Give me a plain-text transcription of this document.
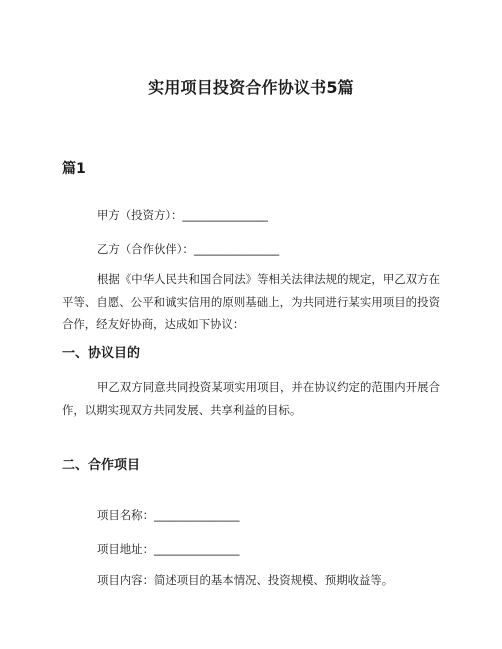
实用项目投资合作协议书5篇
篇1
甲方（投资方）：_______________
乙方（合作伙伴）：_______________
根据《中华人民共和国合同法》等相关法律法规的规定，甲乙双方在平等、自愿、公平和诚实信用的原则基础上，为共同进行某实用项目的投资合作，经友好协商，达成如下协议：
一、协议目的
甲乙双方同意共同投资某项实用项目，并在协议约定的范围内开展合作，以期实现双方共同发展、共享利益的目标。
二、合作项目
项目名称：_______________
项目地址：_______________
项目内容：简述项目的基本情况、投资规模、预期收益等。
